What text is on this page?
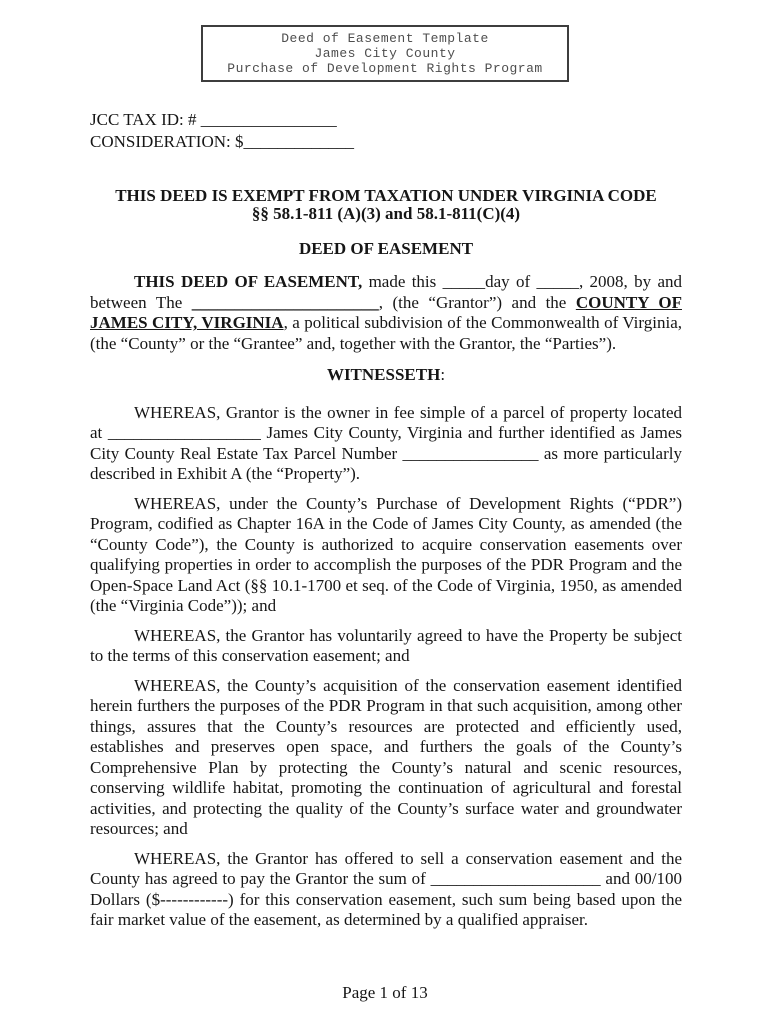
Deed of Easement Template
James City County
Purchase of Development Rights Program
JCC TAX ID: # ________________
CONSIDERATION: $_____________
THIS DEED IS EXEMPT FROM TAXATION UNDER VIRGINIA CODE
§§ 58.1-811 (A)(3) and 58.1-811(C)(4)
DEED OF EASEMENT

THIS DEED OF EASEMENT, made this _____day of _____, 2008, by and between The ______________________, (the “Grantor”) and the COUNTY OF JAMES CITY, VIRGINIA, a political subdivision of the Commonwealth of Virginia, (the “County” or the “Grantee” and, together with the Grantor, the “Parties”).

WITNESSETH:

WHEREAS, Grantor is the owner in fee simple of a parcel of property located at __________________ James City County, Virginia and further identified as James City County Real Estate Tax Parcel Number ________________ as more particularly described in Exhibit A (the “Property”).

WHEREAS, under the County’s Purchase of Development Rights (“PDR”) Program, codified as Chapter 16A in the Code of James City County, as amended (the “County Code”), the County is authorized to acquire conservation easements over qualifying properties in order to accomplish the purposes of the PDR Program and the Open-Space Land Act (§§ 10.1-1700 et seq. of the Code of Virginia, 1950, as amended (the “Virginia Code”)); and

WHEREAS, the Grantor has voluntarily agreed to have the Property be subject to the terms of this conservation easement; and

WHEREAS, the County’s acquisition of the conservation easement identified herein furthers the purposes of the PDR Program in that such acquisition, among other things, assures that the County’s resources are protected and efficiently used, establishes and preserves open space, and furthers the goals of the County’s Comprehensive Plan by protecting the County’s natural and scenic resources, conserving wildlife habitat, promoting the continuation of agricultural and forestal activities, and protecting the quality of the County’s surface water and groundwater resources; and

WHEREAS, the Grantor has offered to sell a conservation easement and the County has agreed to pay the Grantor the sum of ____________________ and 00/100 Dollars ($------------) for this conservation easement, such sum being based upon the fair market value of the easement, as determined by a qualified appraiser.

Page 1 of 13
